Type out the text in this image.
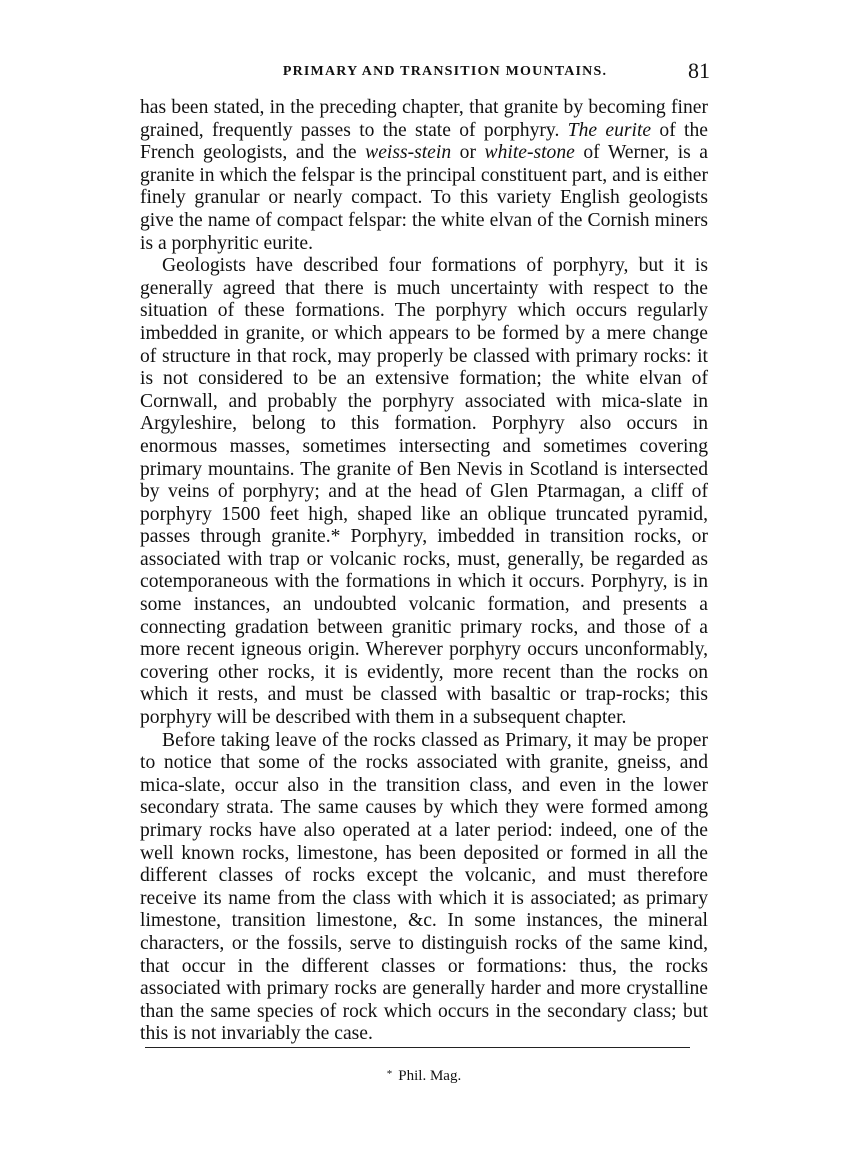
PRIMARY AND TRANSITION MOUNTAINS.	81

has been stated, in the preceding chapter, that granite by becoming finer grained, frequently passes to the state of porphyry. The eurite of the French geologists, and the weiss-stein or white-stone of Werner, is a granite in which the felspar is the principal constituent part, and is either finely granular or nearly compact. To this variety English geologists give the name of compact felspar: the white elvan of the Cornish miners is a porphyritic eurite.

Geologists have described four formations of porphyry, but it is generally agreed that there is much uncertainty with respect to the situation of these formations. The porphyry which occurs regularly imbedded in granite, or which appears to be formed by a mere change of structure in that rock, may properly be classed with primary rocks: it is not considered to be an extensive formation; the white elvan of Cornwall, and probably the porphyry associated with mica-slate in Argyleshire, belong to this formation. Porphyry also occurs in enormous masses, sometimes intersecting and sometimes covering primary mountains. The granite of Ben Nevis in Scotland is intersected by veins of porphyry; and at the head of Glen Ptarmagan, a cliff of porphyry 1500 feet high, shaped like an oblique truncated pyramid, passes through granite.* Porphyry, imbedded in transition rocks, or associated with trap or volcanic rocks, must, generally, be regarded as cotemporaneous with the formations in which it occurs. Porphyry, is in some instances, an undoubted volcanic formation, and presents a connecting gradation between granitic primary rocks, and those of a more recent igneous origin. Wherever porphyry occurs unconformably, covering other rocks, it is evidently, more recent than the rocks on which it rests, and must be classed with basaltic or trap-rocks; this porphyry will be described with them in a subsequent chapter.

Before taking leave of the rocks classed as Primary, it may be proper to notice that some of the rocks associated with granite, gneiss, and mica-slate, occur also in the transition class, and even in the lower secondary strata. The same causes by which they were formed among primary rocks have also operated at a later period: indeed, one of the well known rocks, limestone, has been deposited or formed in all the different classes of rocks except the volcanic, and must therefore receive its name from the class with which it is associated; as primary limestone, transition limestone, &c. In some instances, the mineral characters, or the fossils, serve to distinguish rocks of the same kind, that occur in the different classes or formations: thus, the rocks associated with primary rocks are generally harder and more crystalline than the same species of rock which occurs in the secondary class; but this is not invariably the case.

* Phil. Mag.
